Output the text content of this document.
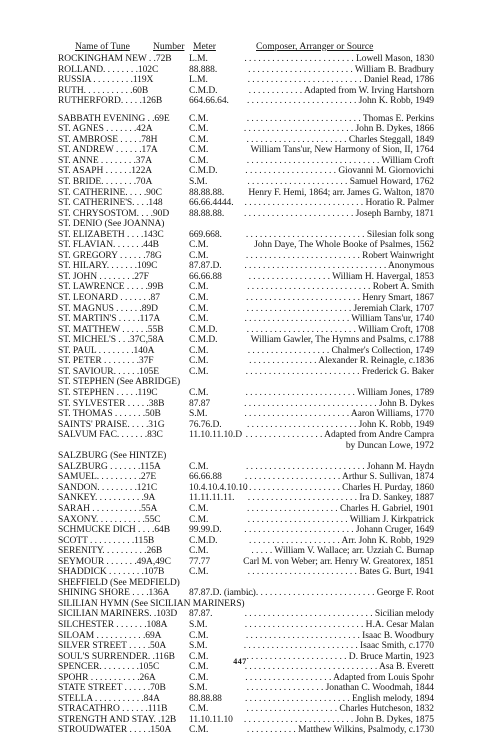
Name of Tune Number Meter	Composer, Arranger or Source
ROCKINGHAM NEW . .72B	L.M.	. . . . . . . . . . . . . . . . . . . . . . . . Lowell Mason, 1830
ROLLAND. . . . . . . .102C	88.888.	. . . . . . . . . . . . . . . . . . . . . . . William B. Bradbury
RUSSIA . . . . . . . . .119X	L.M.	. . . . . . . . . . . . . . . . . . . . . . . . . Daniel Read, 1786
RUTH. . . . . . . . . . .60B	C.M.D.	. . . . . . . . . . . . Adapted from W. Irving Hartshorn
RUTHERFORD. . . . .126B	664.66.64.	. . . . . . . . . . . . . . . . . . . . . . . . John K. Robb, 1949
SABBATH EVENING . .69E	C.M.	. . . . . . . . . . . . . . . . . . . . . . . . . Thomas E. Perkins
ST. AGNES . . . . . . .42A	C.M.	. . . . . . . . . . . . . . . . . . . . . . . . John B. Dykes, 1866
ST. AMBROSE . . . . .78H	C.M.	. . . . . . . . . . . . . . . . . . . . . . Charles Steggall, 1849
ST. ANDREW . . . . . .17A	C.M.	William Tans'ur, New Harmony of Sion, II, 1764
ST. ANNE . . . . . . . .37A	C.M.	. . . . . . . . . . . . . . . . . . . . . . . . . . . . . William Croft
ST. ASAPH . . . . . .122A	C.M.D.	. . . . . . . . . . . . . . . . . . . . Giovanni M. Giornovichi
ST. BRIDE. . . . . . . .70A	S.M.	. . . . . . . . . . . . . . . . . . . . . . Samuel Howard, 1762
ST. CATHERINE. . . . .90C	88.88.88.	Henry F. Hemi, 1864; arr. James G. Walton, 1870
ST. CATHERINE'S. . . .148	66.66.4444.	. . . . . . . . . . . . . . . . . . . . . . . . . . Horatio R. Palmer
ST. CHRYSOSTOM. . . .90D	88.88.88.	. . . . . . . . . . . . . . . . . . . . . . . . Joseph Barnby, 1871
ST. DENIO (See JOANNA)
ST. ELIZABETH . . . .143C	669.668.	. . . . . . . . . . . . . . . . . . . . . . . . . . Silesian folk song
ST. FLAVIAN. . . . . . .44B	C.M.	John Daye, The Whole Booke of Psalmes, 1562
ST. GREGORY . . . . . .78G	C.M.	. . . . . . . . . . . . . . . . . . . . . . . . . Robert Wainwright
ST. HILARY. . . . . . .109C	87.87.D.	. . . . . . . . . . . . . . . . . . . . . . . . . . . . . . . Anonymous
ST. JOHN . . . . . . . .27F	66.66.88	. . . . . . . . . . . . . . . . . . William H. Havergal, 1853
ST. LAWRENCE . . . . .99B	C.M.	. . . . . . . . . . . . . . . . . . . . . . . . . . . Robert A. Smith
ST. LEONARD . . . . . . .87	C.M.	. . . . . . . . . . . . . . . . . . . . . . . . . Henry Smart, 1867
ST. MAGNUS . . . . . .89D	C.M.	. . . . . . . . . . . . . . . . . . . . . . . Jeremiah Clark, 1707
ST. MARTIN'S . . . . .117A	C.M.	. . . . . . . . . . . . . . . . . . . . . . . William Tans'ur, 1740
ST. MATTHEW . . . . . .55B	C.M.D.	. . . . . . . . . . . . . . . . . . . . . . . . William Croft, 1708
ST. MICHEL'S . . .37C,58A	C.M.D.	William Gawler, The Hymns and Psalms, c.1788
ST. PAUL . . . . . . . .140A	C.M.	. . . . . . . . . . . . . . . . . . Chalmer's Collection, 1749
ST. PETER . . . . . . . .37F	C.M.	. . . . . . . . . . . . . . . Alexander R. Reinagle, c.1836
ST. SAVIOUR. . . . . .105E	C.M.	. . . . . . . . . . . . . . . . . . . . . . . . . Frederick G. Baker
ST. STEPHEN (See ABRIDGE)
ST. STEPHEN . . . . .119C	C.M.	. . . . . . . . . . . . . . . . . . . . . . . . William Jones, 1789
ST. SYLVESTER . . . . .38B	87.87	. . . . . . . . . . . . . . . . . . . . . . . . . . . . . John B. Dykes
ST. THOMAS . . . . . . .50B	S.M.	. . . . . . . . . . . . . . . . . . . . . . . Aaron Williams, 1770
SAINTS' PRAISE. . . . .31G	76.76.D.	. . . . . . . . . . . . . . . . . . . . . . . . John K. Robb, 1949
SALVUM FAC. . . . . . .83C	11.10.11.10.D . . . . . . . . . . . . . . . . . Adapted from Andre Campra
by Duncan Lowe, 1972
SALZBURG (See HINTZE)
SALZBURG . . . . . . .115A	C.M.	. . . . . . . . . . . . . . . . . . . . . . . . . . Johann M. Haydn
SAMUEL. . . . . . . . . .27E	66.66.88	. . . . . . . . . . . . . . . . . . . . . Arthur S. Sullivan, 1874
SANDON. . . . . . . . .121C	10.4.10.4.10.10
. . . . . . . . . . . . . . . . . . . . . Charles H. Purday, 1860
SANKEY. . . . . . . . . . .9A	11.11.11.11.	. . . . . . . . . . . . . . . . . . . . . . . . Ira D. Sankey, 1887
SARAH . . . . . . . . . . .55A	C.M.	. . . . . . . . . . . . . . . . . . . . Charles H. Gabriel, 1901
SAXONY. . . . . . . . . . .55C	C.M.	. . . . . . . . . . . . . . . . . . . . . . William J. Kirkpatrick
SCHMUCKE DICH . . . .64B	99.99.D.	. . . . . . . . . . . . . . . . . . . . . . . . Johann Cruger, 1649
SCOTT . . . . . . . . . .115B	C.M.D.	. . . . . . . . . . . . . . . . . . . . Arr. John K. Robb, 1929
SERENITY. . . . . . . . . .26B	C.M.	. . . . . William V. Wallace; arr. Uzziah C. Burnap
SEYMOUR . . . . . . .49A,49C	77.77	Carl M. von Weber; arr. Henry W. Greatorex, 1851
SHADDICK . . . . . . . .107B	C.M.	. . . . . . . . . . . . . . . . . . . . . . . . Bates G. Burt, 1941
SHEFFIELD (See MEDFIELD)
SHINING SHORE . . . .136A	87.87.D. (iambic)
. . . . . . . . . . . . . . . . . . . . . . . . . . . . George F. Root
SILILIAN HYMN (See SICILIAN MARINERS)
SICILIAN MARINERS. .103D	87.87.	. . . . . . . . . . . . . . . . . . . . . . . . . . . . Sicilian melody
SILCHESTER . . . . . . .108A	S.M.	. . . . . . . . . . . . . . . . . . . . . . . . . . H.A. Cesar Malan
SILOAM . . . . . . . . . . .69A	C.M.	. . . . . . . . . . . . . . . . . . . . . . . . . Isaac B. Woodbury
SILVER STREET . . . . .50A	S.M.	. . . . . . . . . . . . . . . . . . . . . . . . . Isaac Smith, c.1770
SOUL'S SURRENDER. .116B	C.M.	. . . . . . . . . . . . . . . . . . . . . . D. Bruce Martin, 1923
SPENCER. . . . . . . . .105C	C.M.	. . . . . . . . . . . . . . . . . . . . . . . . . . . . . Asa B. Everett
SPOHR . . . . . . . . . . .26A	C.M.	. . . . . . . . . . . . . . . . . . . Adapted from Louis Spohr
STATE STREET . . . . . .70B	S.M.	. . . . . . . . . . . . . . . . . Jonathan C. Woodmah, 1844
STELLA . . . . . . . . . . .84A	88.88.88	. . . . . . . . . . . . . . . . . . . . . . . English melody, 1894
STRACATHRO . . . . . .111B	C.M.	. . . . . . . . . . . . . . . . . . . . Charles Hutcheson, 1832
STRENGTH AND STAY. .12B	11.10.11.10	. . . . . . . . . . . . . . . . . . . . . . . . John B. Dykes, 1875
STROUDWATER . . . . .150A	C.M.	. . . . . . . . . . . Matthew Wilkins, Psalmody, c.1730
447
